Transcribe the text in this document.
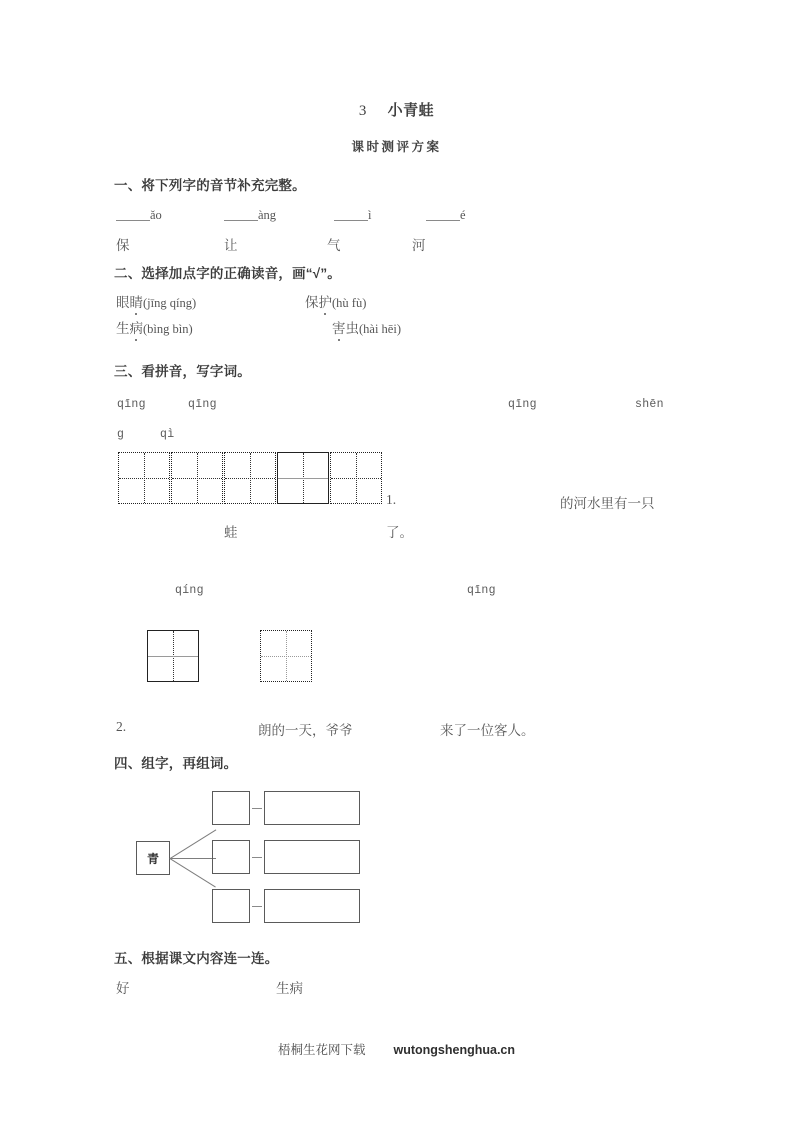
3 小青蛙
课时测评方案
一、将下列字的音节补充完整。
ǎo	àng	ì	é
保	让	气	河
二、选择加点字的正确读音，画“√”。
眼睛(jīng qíng)	保护(hù fù)
生病(bìng bìn)	害虫(hài hēi)
三、看拼音，写字词。
qīng	qīng	qīng	shēn
g	qì
1.	的河水里有一只
蛙	了。
qíng	qīng
2.	朗的一天，爷爷	来了一位客人。
四、组字，再组词。
青
五、根据课文内容连一连。
好	生病
梧桐生花网下载 wutongshenghua.cn
